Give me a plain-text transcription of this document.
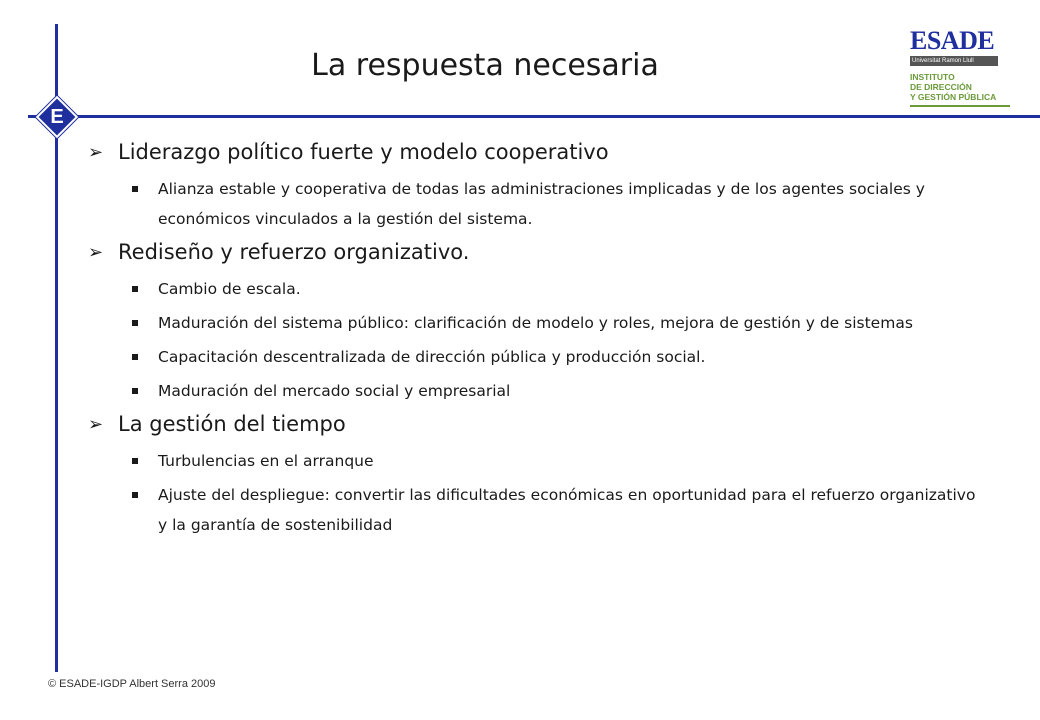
E
La respuesta necesaria
ESADE
Universitat Ramon Llull
INSTITUTO
DE DIRECCIÓN
Y GESTIÓN PÚBLICA
➢ Liderazgo político fuerte y modelo cooperativo
Alianza estable y cooperativa de todas las administraciones implicadas y de los agentes sociales y económicos vinculados a la gestión del sistema.
➢ Rediseño y refuerzo organizativo.
Cambio de escala.
Maduración del sistema público: clarificación de modelo y roles, mejora de gestión y de sistemas
Capacitación descentralizada de dirección pública y producción social.
Maduración del mercado social y empresarial
➢ La gestión del tiempo
Turbulencias en el arranque
Ajuste del despliegue: convertir las dificultades económicas en oportunidad para el refuerzo organizativo y la garantía de sostenibilidad
© ESADE-IGDP Albert Serra 2009
